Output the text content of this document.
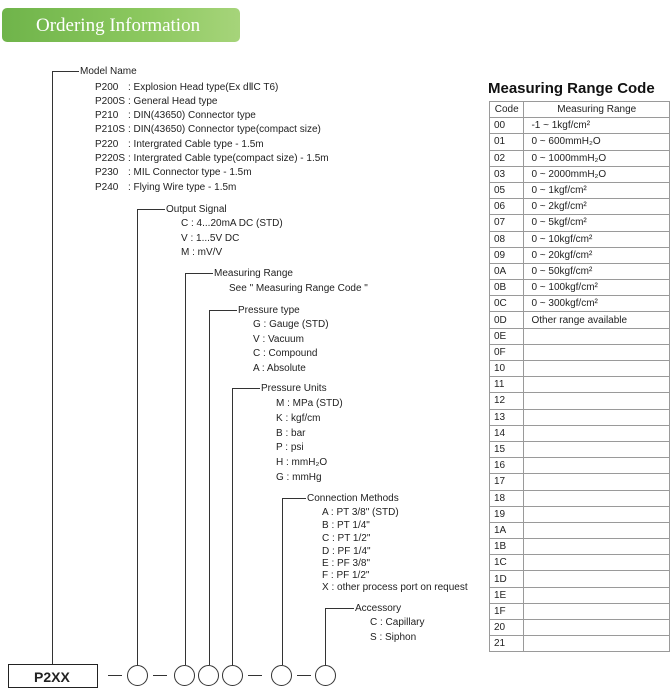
Ordering Information
Model Name
P200 : Explosion Head type(Ex dⅡC T6)
P200S : General Head type
P210 : DIN(43650) Connector type
P210S : DIN(43650) Connector type(compact size)
P220 : Intergrated Cable type - 1.5m
P220S : Intergrated Cable type(compact size) - 1.5m
P230 : MIL Connector type - 1.5m
P240 : Flying Wire type - 1.5m
Output Signal
C : 4...20mA DC (STD)
V : 1...5V DC
M : mV/V
Measuring Range
See " Measuring Range Code "
Pressure type
G : Gauge (STD)
V : Vacuum
C : Compound
A : Absolute
Pressure Units
M : MPa (STD)
K : kgf/cm
B : bar
P : psi
H : mmH₂O
G : mmHg
Connection Methods
A : PT 3/8" (STD)
B : PT 1/4"
C : PT 1/2"
D : PF 1/4"
E : PF 3/8"
F : PF 1/2"
X : other process port on request
Accessory
C : Capillary
S : Siphon
P2XX
Measuring Range Code
Code	Measuring Range
00	-1 ~ 1kgf/cm²
01	0 ~ 600mmH₂O
02	0 ~ 1000mmH₂O
03	0 ~ 2000mmH₂O
05	0 ~ 1kgf/cm²
06	0 ~ 2kgf/cm²
07	0 ~ 5kgf/cm²
08	0 ~ 10kgf/cm²
09	0 ~ 20kgf/cm²
0A	0 ~ 50kgf/cm²
0B	0 ~ 100kgf/cm²
0C	0 ~ 300kgf/cm²
0D	Other range available
0E	
0F	
10	
11	
12	
13	
14	
15	
16	
17	
18	
19	
1A	
1B	
1C	
1D	
1E	
1F	
20	
21	
